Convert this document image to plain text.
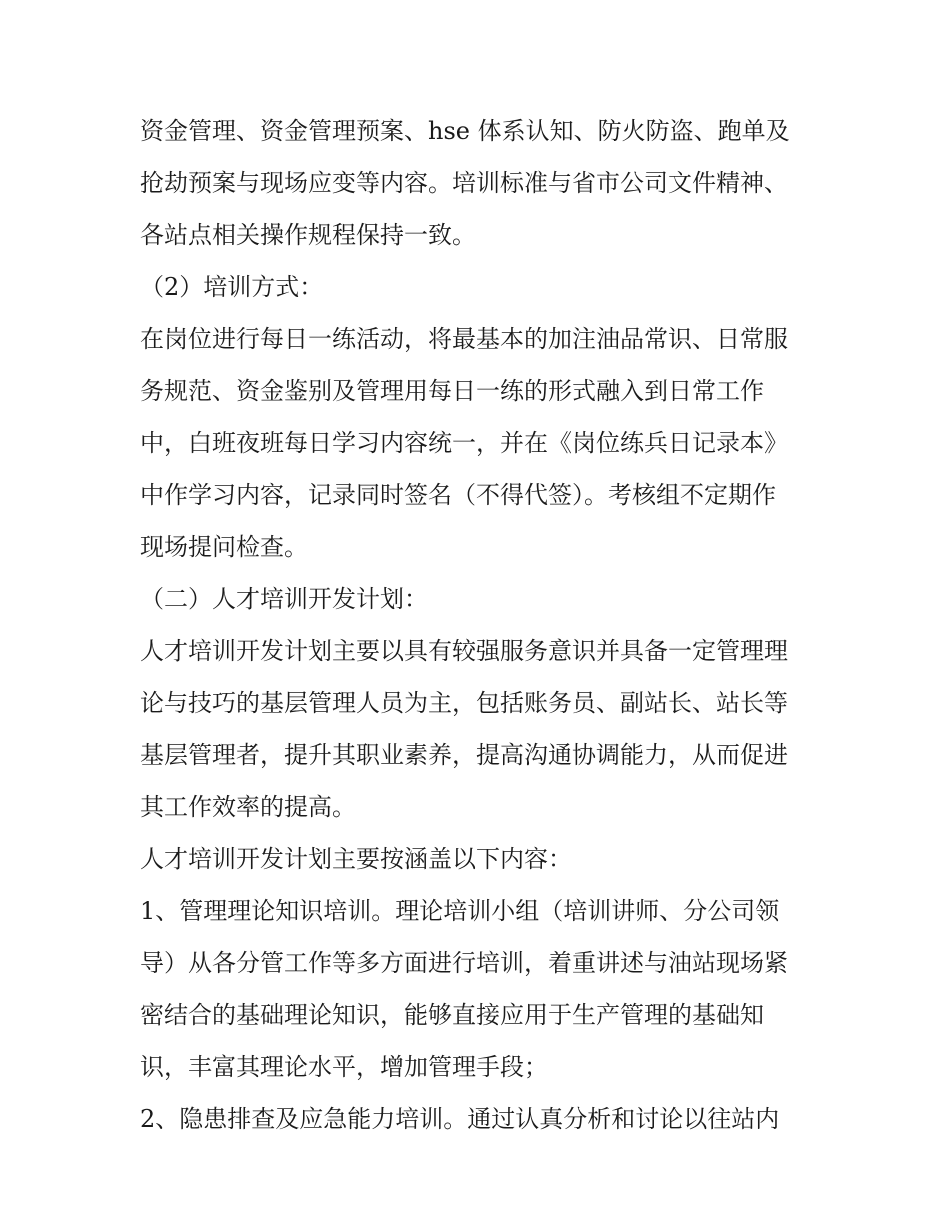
资金管理、资金管理预案、hse 体系认知、防火防盗、跑单及
抢劫预案与现场应变等内容。培训标准与省市公司文件精神、
各站点相关操作规程保持一致。
（2）培训方式：
在岗位进行每日一练活动，将最基本的加注油品常识、日常服
务规范、资金鉴别及管理用每日一练的形式融入到日常工作
中，白班夜班每日学习内容统一，并在《岗位练兵日记录本》
中作学习内容，记录同时签名（不得代签）。考核组不定期作
现场提问检查。
（二）人才培训开发计划：
人才培训开发计划主要以具有较强服务意识并具备一定管理理
论与技巧的基层管理人员为主，包括账务员、副站长、站长等
基层管理者，提升其职业素养，提高沟通协调能力，从而促进
其工作效率的提高。
人才培训开发计划主要按涵盖以下内容：
1、管理理论知识培训。理论培训小组（培训讲师、分公司领
导）从各分管工作等多方面进行培训，着重讲述与油站现场紧
密结合的基础理论知识，能够直接应用于生产管理的基础知
识，丰富其理论水平，增加管理手段；
2、隐患排查及应急能力培训。通过认真分析和讨论以往站内
